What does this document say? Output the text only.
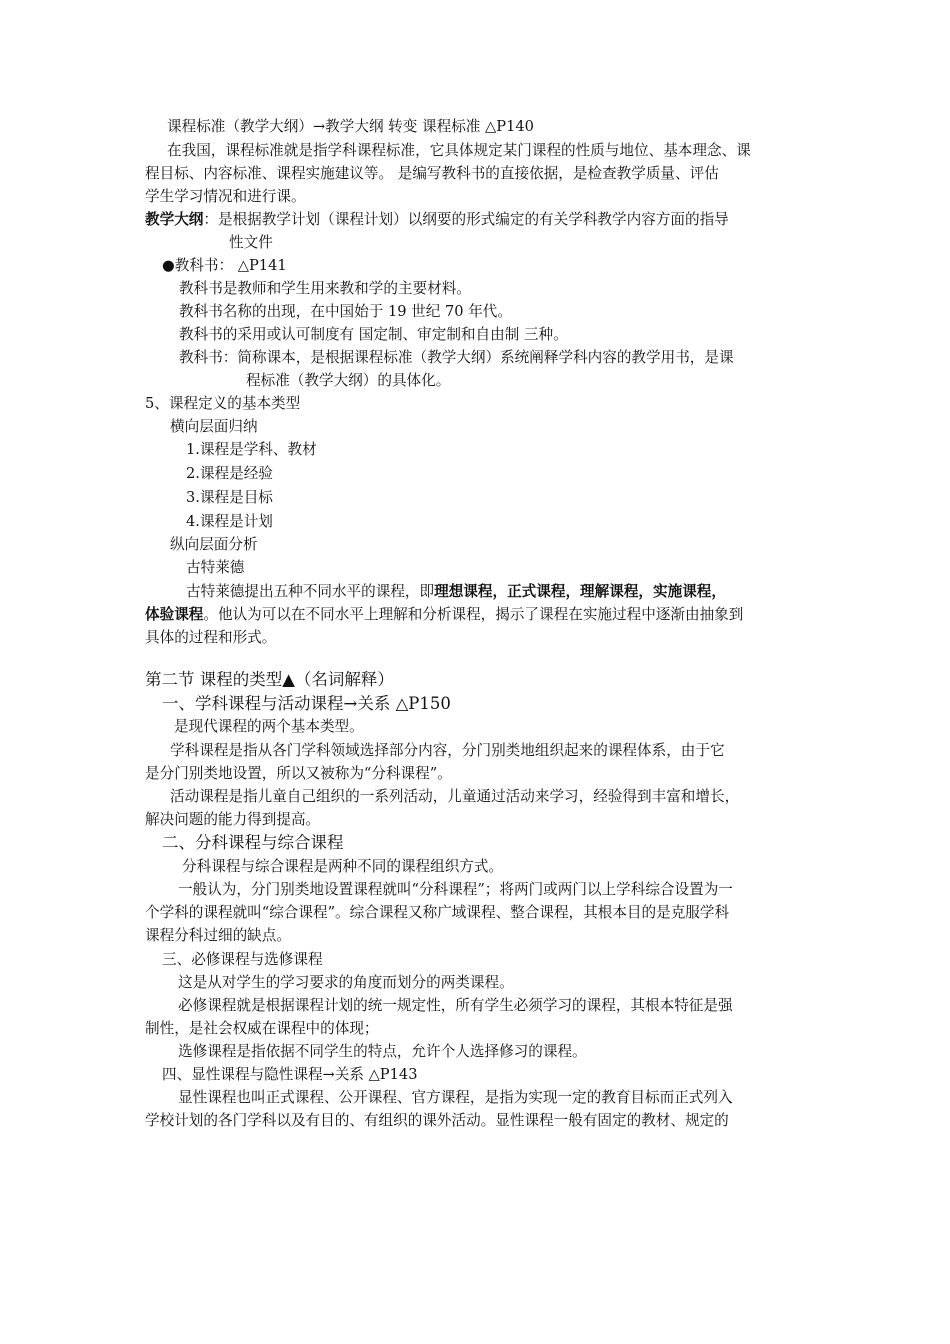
课程标准（教学大纲）→教学大纲 转变 课程标准 △P140
在我国，课程标准就是指学科课程标准，它具体规定某门课程的性质与地位、基本理念、课
程目标、内容标准、课程实施建议等。 是编写教科书的直接依据，是检查教学质量、评估
学生学习情况和进行课。
教学大纲：是根据教学计划（课程计划）以纲要的形式编定的有关学科教学内容方面的指导
性文件
●教科书： △P141
教科书是教师和学生用来教和学的主要材料。
教科书名称的出现，在中国始于 19 世纪 70 年代。
教科书的采用或认可制度有 国定制、审定制和自由制 三种。
教科书：简称课本，是根据课程标准（教学大纲）系统阐释学科内容的教学用书，是课
程标准（教学大纲）的具体化。
5、课程定义的基本类型
横向层面归纳
1.课程是学科、教材
2.课程是经验
3.课程是目标
4.课程是计划
纵向层面分析
古特莱德
古特莱德提出五种不同水平的课程，即理想课程，正式课程，理解课程，实施课程，
体验课程。他认为可以在不同水平上理解和分析课程，揭示了课程在实施过程中逐渐由抽象到
具体的过程和形式。
第二节 课程的类型▲（名词解释）
一、学科课程与活动课程→关系 △P150
是现代课程的两个基本类型。
学科课程是指从各门学科领域选择部分内容，分门别类地组织起来的课程体系，由于它
是分门别类地设置，所以又被称为“分科课程”。
活动课程是指儿童自己组织的一系列活动，儿童通过活动来学习，经验得到丰富和增长，
解决问题的能力得到提高。
二、分科课程与综合课程
分科课程与综合课程是两种不同的课程组织方式。
一般认为，分门别类地设置课程就叫“分科课程”；将两门或两门以上学科综合设置为一
个学科的课程就叫“综合课程”。综合课程又称广域课程、整合课程，其根本目的是克服学科
课程分科过细的缺点。
三、必修课程与选修课程
这是从对学生的学习要求的角度而划分的两类课程。
必修课程就是根据课程计划的统一规定性，所有学生必须学习的课程，其根本特征是强
制性，是社会权威在课程中的体现；
选修课程是指依据不同学生的特点，允许个人选择修习的课程。
四、显性课程与隐性课程→关系 △P143
显性课程也叫正式课程、公开课程、官方课程，是指为实现一定的教育目标而正式列入
学校计划的各门学科以及有目的、有组织的课外活动。显性课程一般有固定的教材、规定的
